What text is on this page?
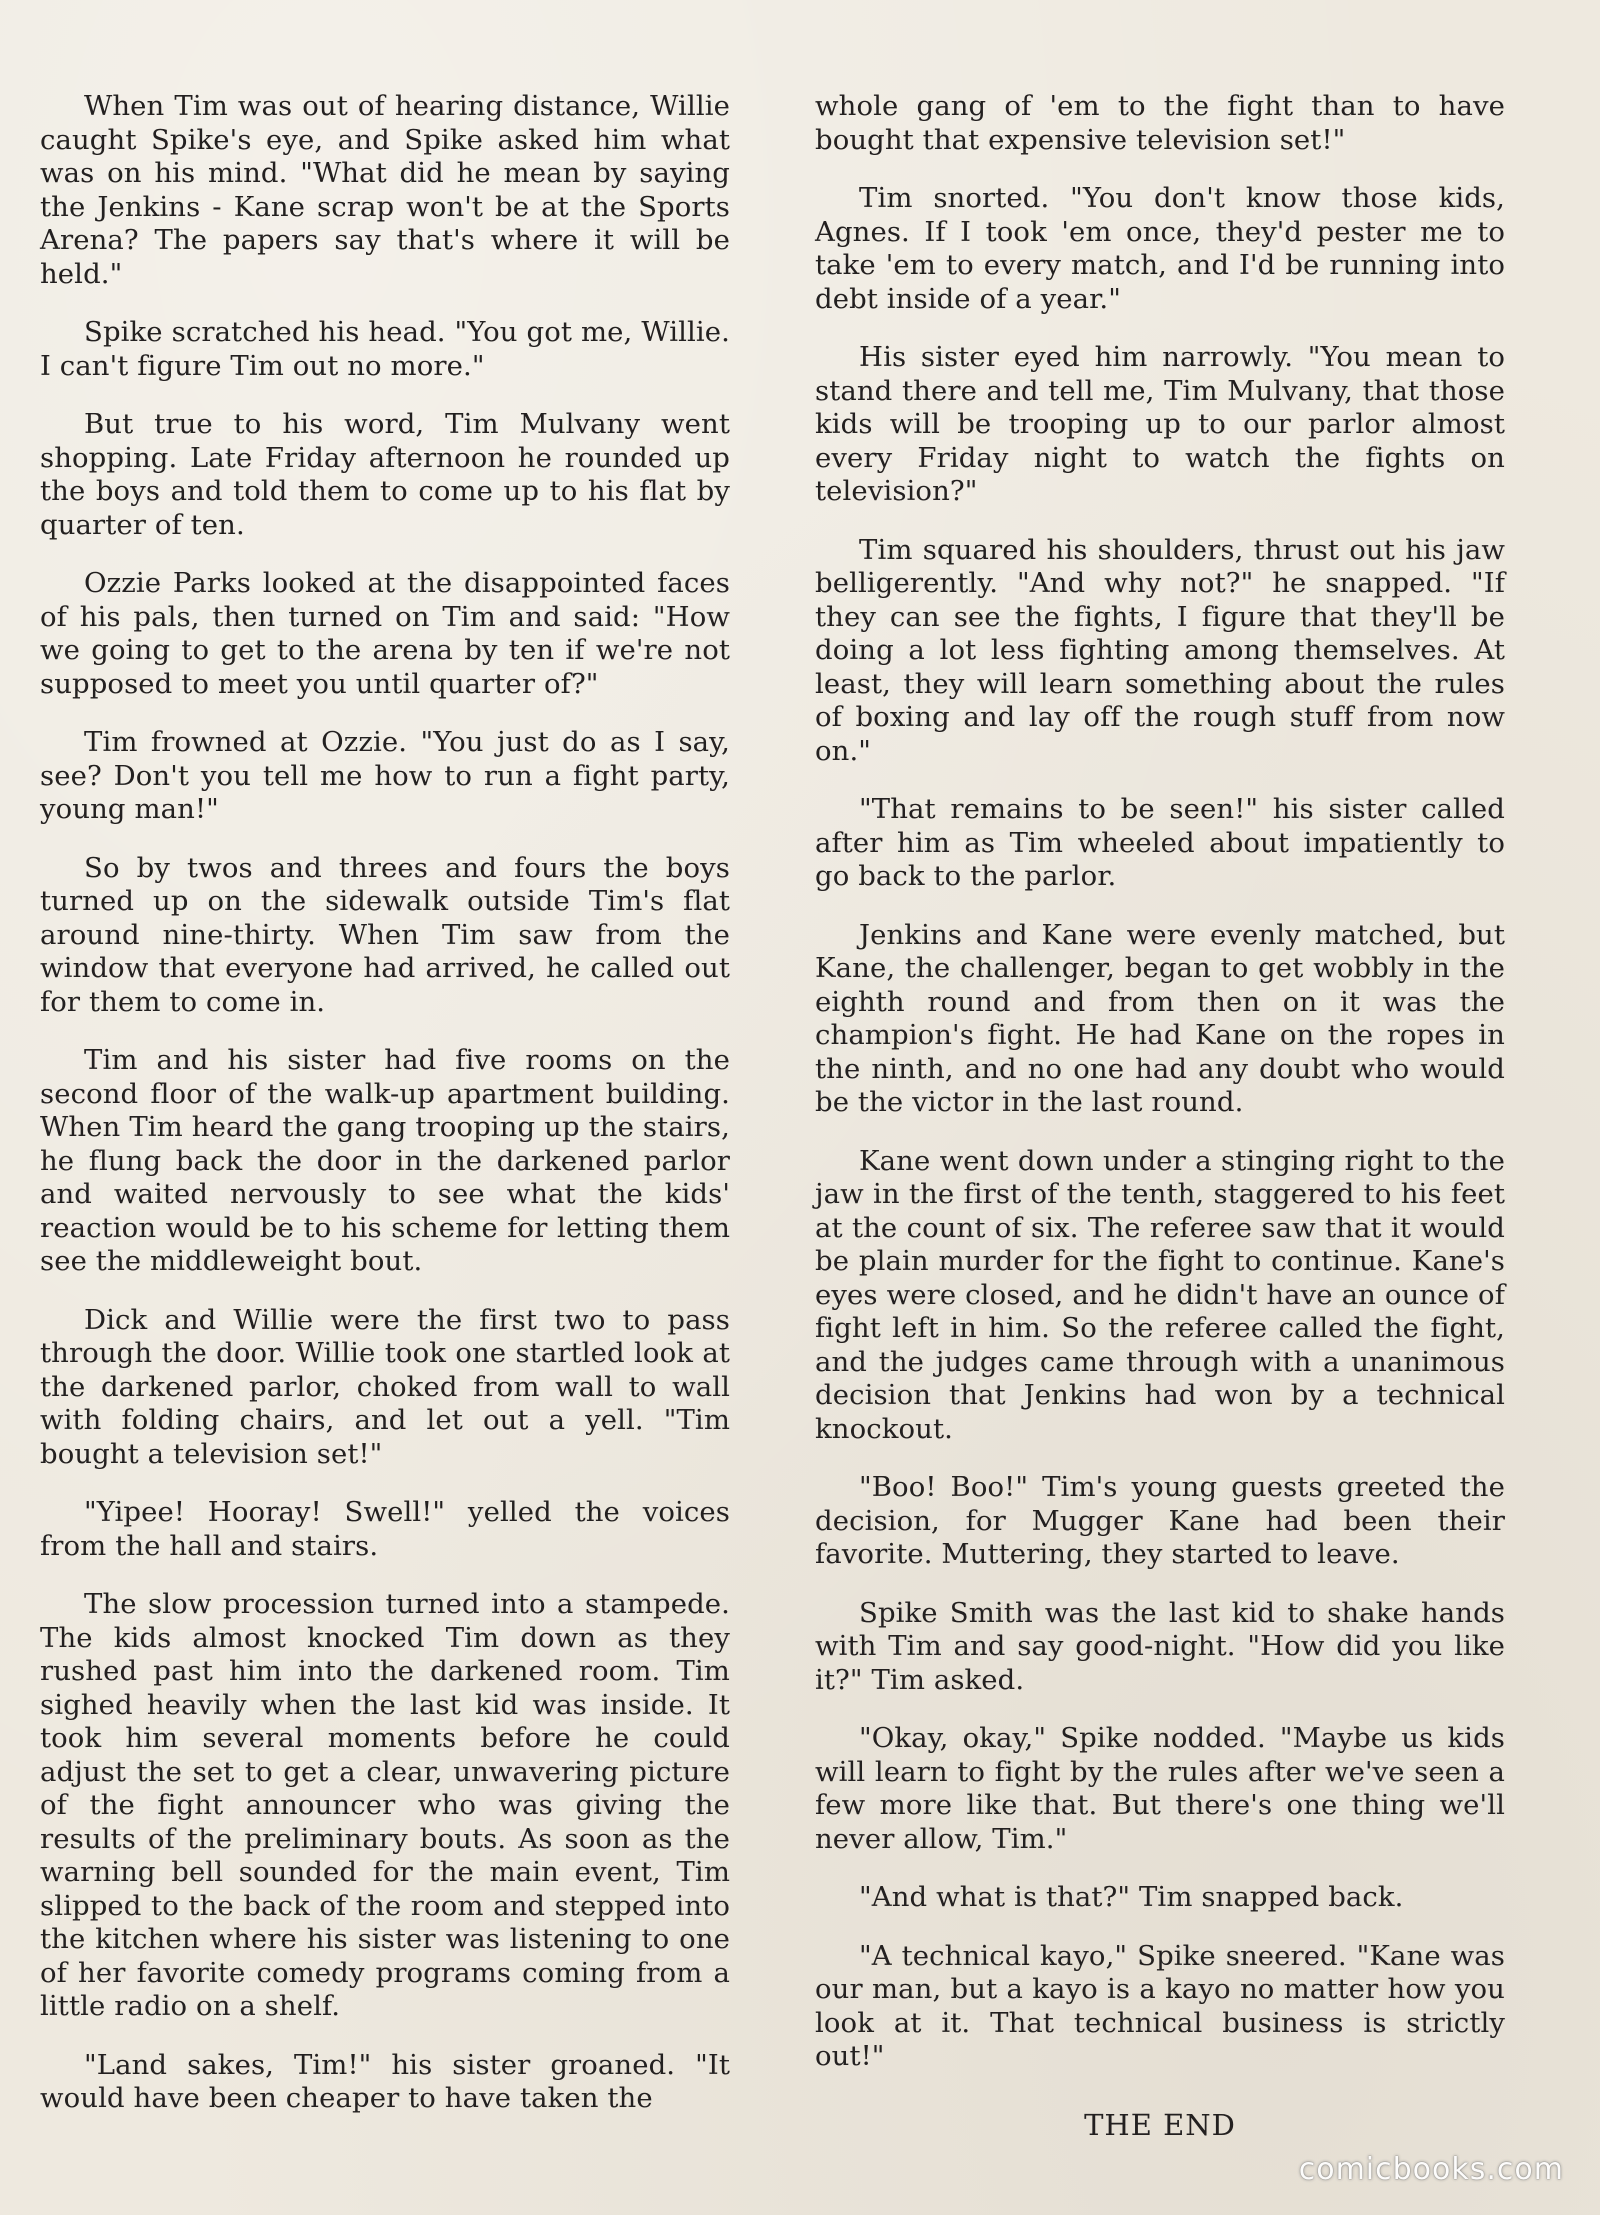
When Tim was out of hearing distance, Willie caught Spike's eye, and Spike asked him what was on his mind. "What did he mean by saying the Jenkins - Kane scrap won't be at the Sports Arena? The papers say that's where it will be held."

Spike scratched his head. "You got me, Willie. I can't figure Tim out no more."

But true to his word, Tim Mulvany went shopping. Late Friday afternoon he rounded up the boys and told them to come up to his flat by quarter of ten.

Ozzie Parks looked at the disappointed faces of his pals, then turned on Tim and said: "How we going to get to the arena by ten if we're not supposed to meet you until quarter of?"

Tim frowned at Ozzie. "You just do as I say, see? Don't you tell me how to run a fight party, young man!"

So by twos and threes and fours the boys turned up on the sidewalk outside Tim's flat around nine-thirty. When Tim saw from the window that everyone had arrived, he called out for them to come in.

Tim and his sister had five rooms on the second floor of the walk-up apartment building. When Tim heard the gang trooping up the stairs, he flung back the door in the darkened parlor and waited nervously to see what the kids' reaction would be to his scheme for letting them see the middleweight bout.

Dick and Willie were the first two to pass through the door. Willie took one startled look at the darkened parlor, choked from wall to wall with folding chairs, and let out a yell. "Tim bought a television set!"

"Yipee! Hooray! Swell!" yelled the voices from the hall and stairs.

The slow procession turned into a stampede. The kids almost knocked Tim down as they rushed past him into the darkened room. Tim sighed heavily when the last kid was inside. It took him several moments before he could adjust the set to get a clear, unwavering picture of the fight announcer who was giving the results of the preliminary bouts. As soon as the warning bell sounded for the main event, Tim slipped to the back of the room and stepped into the kitchen where his sister was listening to one of her favorite comedy programs coming from a little radio on a shelf.

"Land sakes, Tim!" his sister groaned. "It would have been cheaper to have taken the

whole gang of 'em to the fight than to have bought that expensive television set!"

Tim snorted. "You don't know those kids, Agnes. If I took 'em once, they'd pester me to take 'em to every match, and I'd be running into debt inside of a year."

His sister eyed him narrowly. "You mean to stand there and tell me, Tim Mulvany, that those kids will be trooping up to our parlor almost every Friday night to watch the fights on television?"

Tim squared his shoulders, thrust out his jaw belligerently. "And why not?" he snapped. "If they can see the fights, I figure that they'll be doing a lot less fighting among themselves. At least, they will learn something about the rules of boxing and lay off the rough stuff from now on."

"That remains to be seen!" his sister called after him as Tim wheeled about impatiently to go back to the parlor.

Jenkins and Kane were evenly matched, but Kane, the challenger, began to get wobbly in the eighth round and from then on it was the champion's fight. He had Kane on the ropes in the ninth, and no one had any doubt who would be the victor in the last round.

Kane went down under a stinging right to the jaw in the first of the tenth, staggered to his feet at the count of six. The referee saw that it would be plain murder for the fight to continue. Kane's eyes were closed, and he didn't have an ounce of fight left in him. So the referee called the fight, and the judges came through with a unanimous decision that Jenkins had won by a technical knockout.

"Boo! Boo!" Tim's young guests greeted the decision, for Mugger Kane had been their favorite. Muttering, they started to leave.

Spike Smith was the last kid to shake hands with Tim and say good-night. "How did you like it?" Tim asked.

"Okay, okay," Spike nodded. "Maybe us kids will learn to fight by the rules after we've seen a few more like that. But there's one thing we'll never allow, Tim."

"And what is that?" Tim snapped back.

"A technical kayo," Spike sneered. "Kane was our man, but a kayo is a kayo no matter how you look at it. That technical business is strictly out!"

THE END
comicbooks.com
